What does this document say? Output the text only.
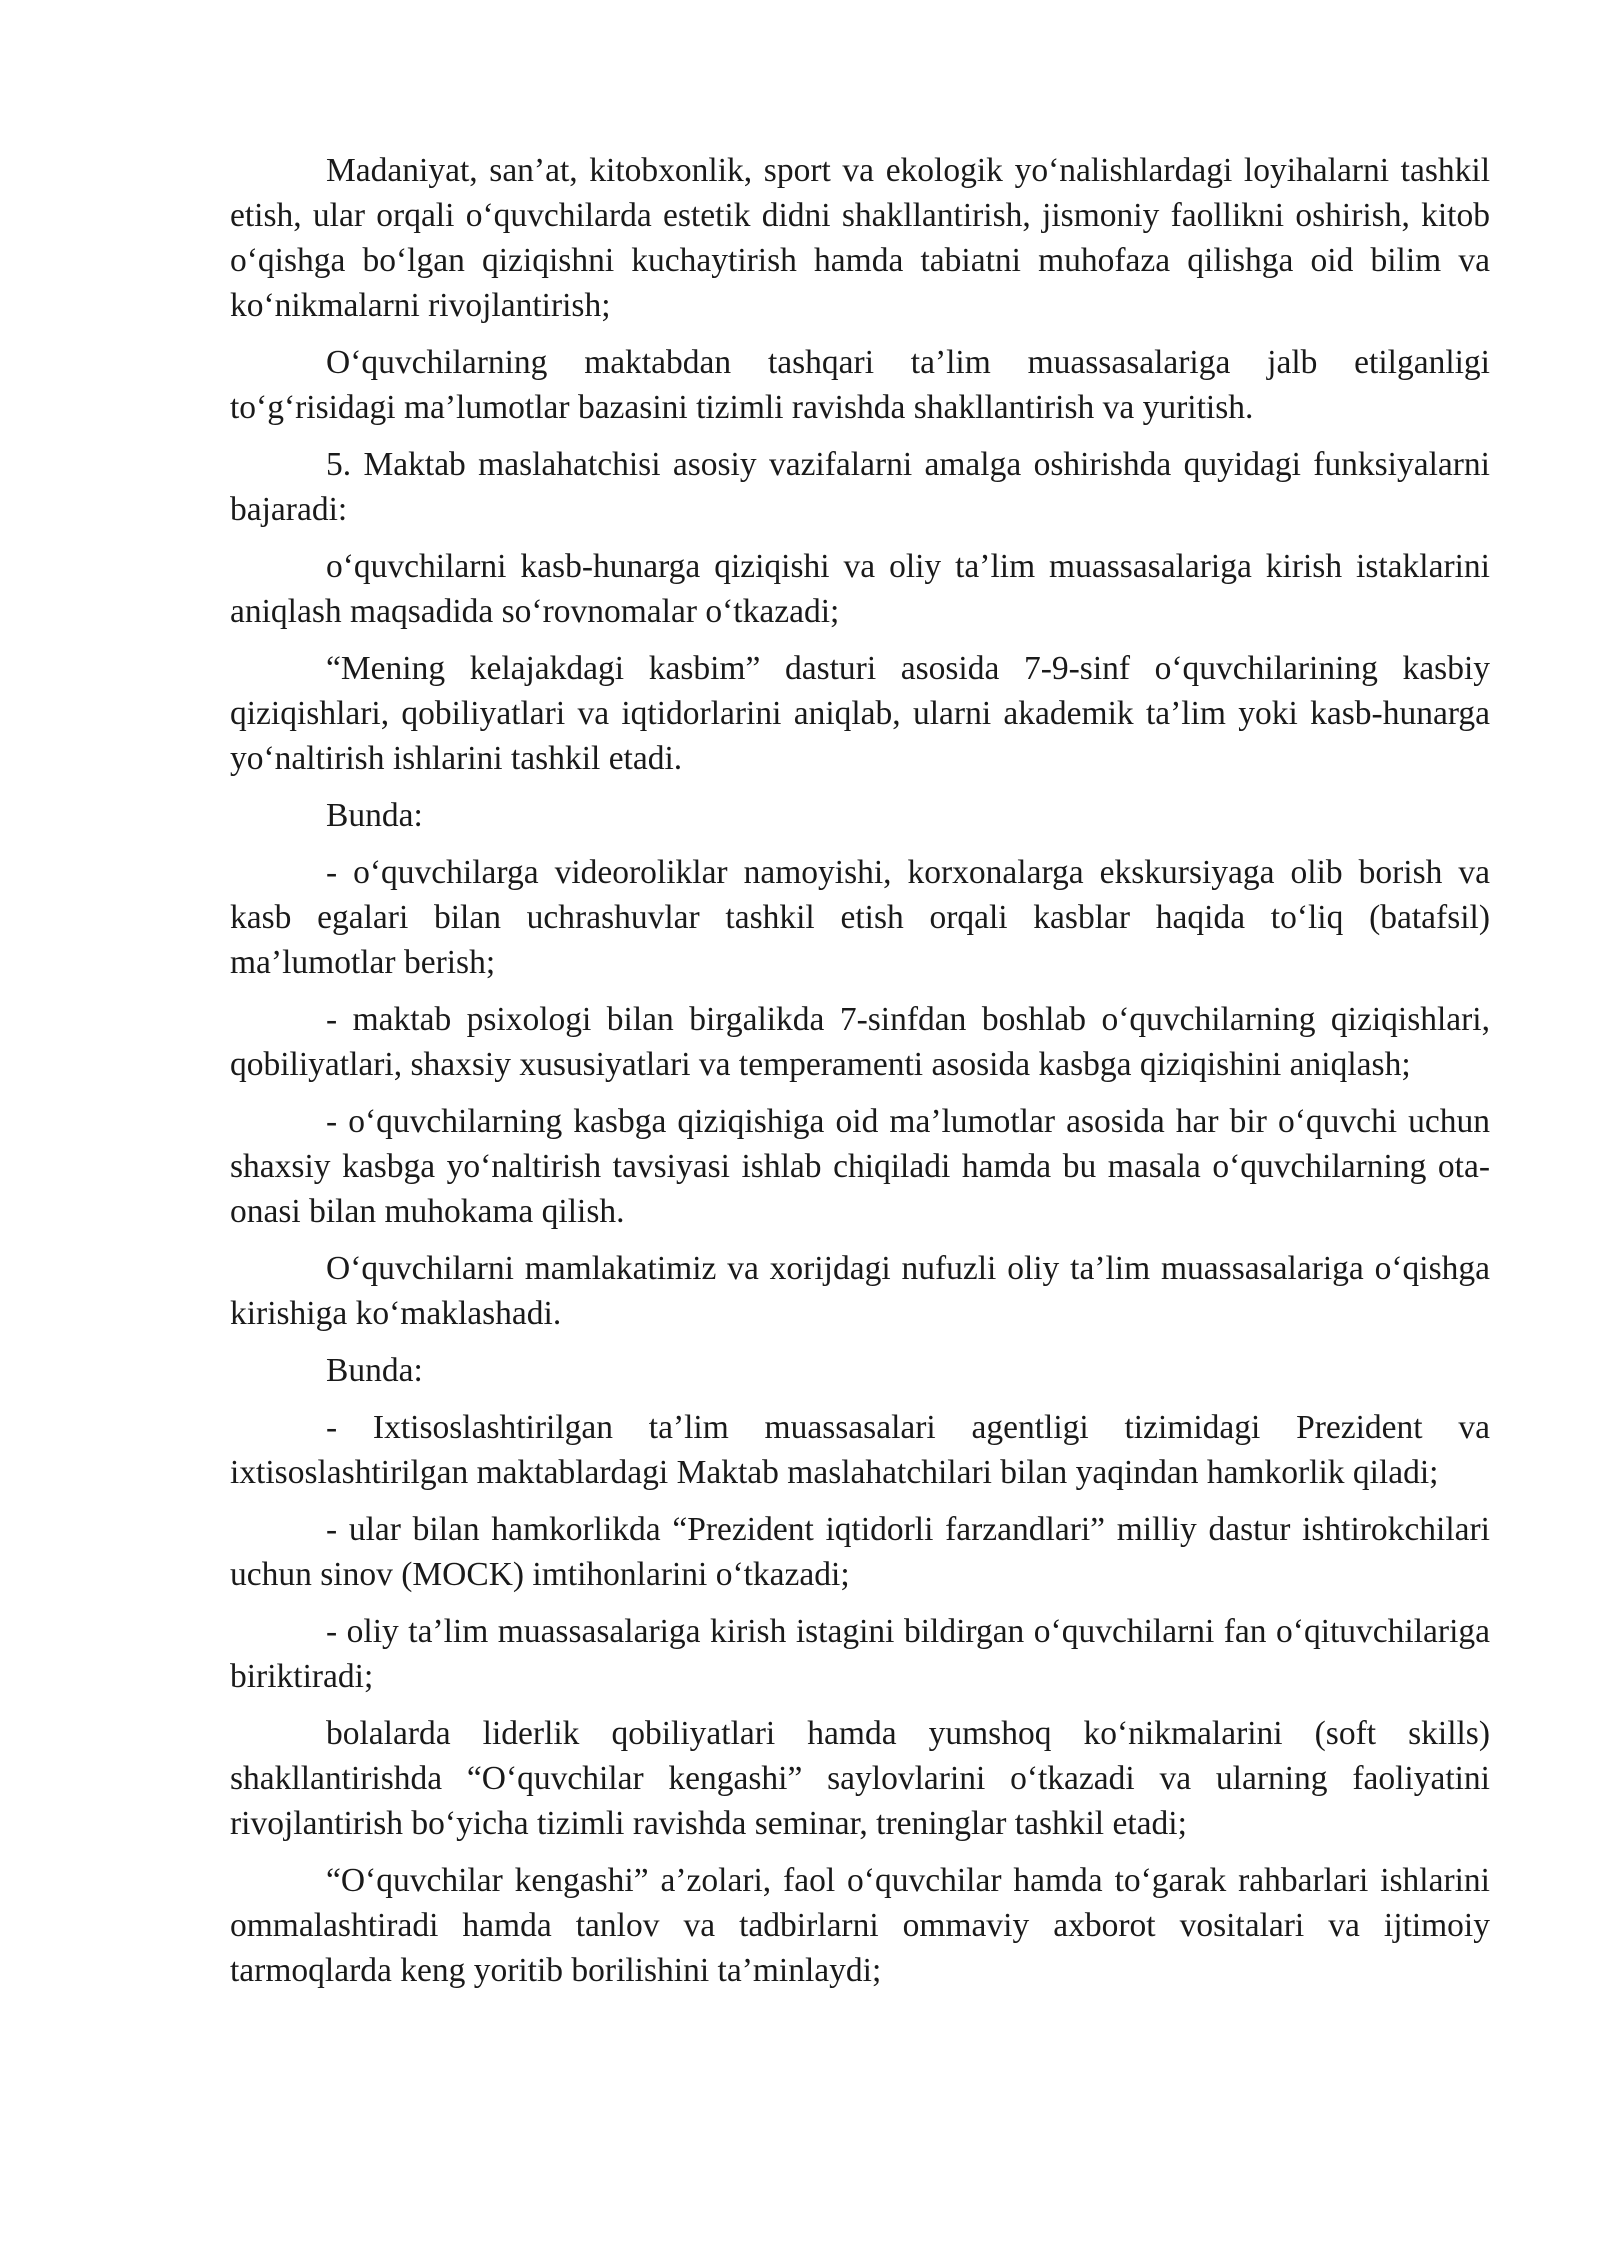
Madaniyat, san’at, kitobxonlik, sport va ekologik yo‘nalishlardagi loyihalarni tashkil etish, ular orqali o‘quvchilarda estetik didni shakllantirish, jismoniy faollikni oshirish, kitob o‘qishga bo‘lgan qiziqishni kuchaytirish hamda tabiatni muhofaza qilishga oid bilim va ko‘nikmalarni rivojlantirish;

O‘quvchilarning maktabdan tashqari ta’lim muassasalariga jalb etilganligi to‘g‘risidagi ma’lumotlar bazasini tizimli ravishda shakllantirish va yuritish.

5. Maktab maslahatchisi asosiy vazifalarni amalga oshirishda quyidagi funksiyalarni bajaradi:

o‘quvchilarni kasb-hunarga qiziqishi va oliy ta’lim muassasalariga kirish istaklarini aniqlash maqsadida so‘rovnomalar o‘tkazadi;

“Mening kelajakdagi kasbim” dasturi asosida 7-9-sinf o‘quvchilarining kasbiy qiziqishlari, qobiliyatlari va iqtidorlarini aniqlab, ularni akademik ta’lim yoki kasb-hunarga yo‘naltirish ishlarini tashkil etadi.

Bunda:

- o‘quvchilarga videoroliklar namoyishi, korxonalarga ekskursiyaga olib borish va kasb egalari bilan uchrashuvlar tashkil etish orqali kasblar haqida to‘liq (batafsil) ma’lumotlar berish;

- maktab psixologi bilan birgalikda 7-sinfdan boshlab o‘quvchilarning qiziqishlari, qobiliyatlari, shaxsiy xususiyatlari va temperamenti asosida kasbga qiziqishini aniqlash;

- o‘quvchilarning kasbga qiziqishiga oid ma’lumotlar asosida har bir o‘quvchi uchun shaxsiy kasbga yo‘naltirish tavsiyasi ishlab chiqiladi hamda bu masala o‘quvchilarning ota-onasi bilan muhokama qilish.

O‘quvchilarni mamlakatimiz va xorijdagi nufuzli oliy ta’lim muassasalariga o‘qishga kirishiga ko‘maklashadi.

Bunda:

- Ixtisoslashtirilgan ta’lim muassasalari agentligi tizimidagi Prezident va ixtisoslashtirilgan maktablardagi Maktab maslahatchilari bilan yaqindan hamkorlik qiladi;

- ular bilan hamkorlikda “Prezident iqtidorli farzandlari” milliy dastur ishtirokchilari uchun sinov (MOCK) imtihonlarini o‘tkazadi;

- oliy ta’lim muassasalariga kirish istagini bildirgan o‘quvchilarni fan o‘qituvchilariga biriktiradi;

bolalarda liderlik qobiliyatlari hamda yumshoq ko‘nikmalarini (soft skills) shakllantirishda “O‘quvchilar kengashi” saylovlarini o‘tkazadi va ularning faoliyatini rivojlantirish bo‘yicha tizimli ravishda seminar, treninglar tashkil etadi;

“O‘quvchilar kengashi” a’zolari, faol o‘quvchilar hamda to‘garak rahbarlari ishlarini ommalashtiradi hamda tanlov va tadbirlarni ommaviy axborot vositalari va ijtimoiy tarmoqlarda keng yoritib borilishini ta’minlaydi;
